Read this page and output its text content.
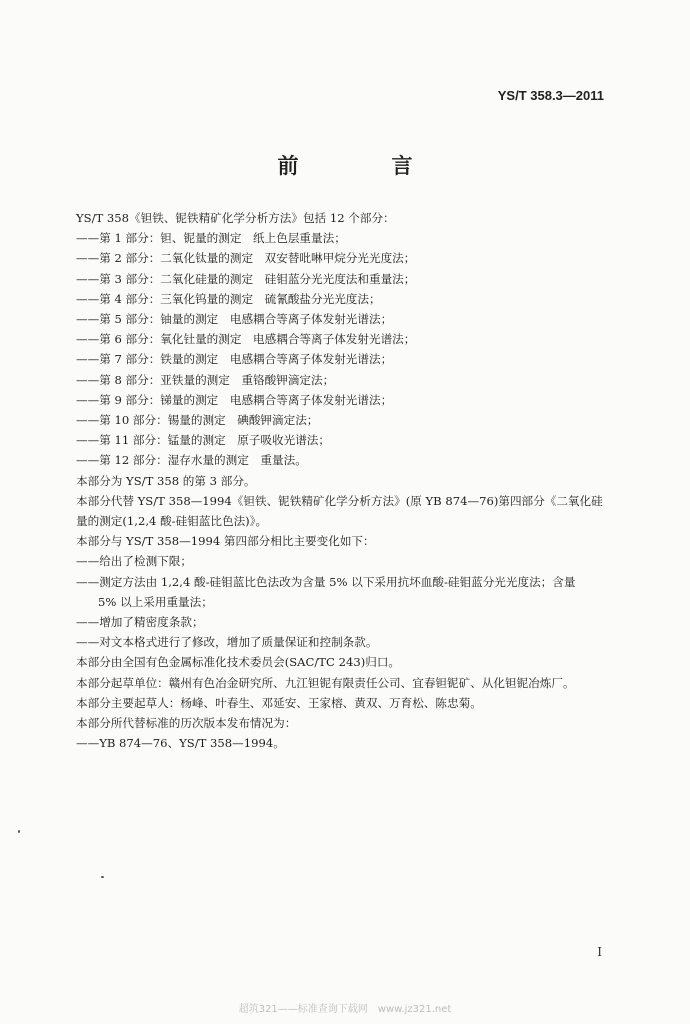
YS/T 358.3—2011
前　言
YS/T 358《钽铁、铌铁精矿化学分析方法》包括 12 个部分：
——第 1 部分：钽、铌量的测定　纸上色层重量法；
——第 2 部分：二氧化钛量的测定　双安替吡啉甲烷分光光度法；
——第 3 部分：二氧化硅量的测定　硅钼蓝分光光度法和重量法；
——第 4 部分：三氧化钨量的测定　硫氰酸盐分光光度法；
——第 5 部分：铀量的测定　电感耦合等离子体发射光谱法；
——第 6 部分：氧化钍量的测定　电感耦合等离子体发射光谱法；
——第 7 部分：铁量的测定　电感耦合等离子体发射光谱法；
——第 8 部分：亚铁量的测定　重铬酸钾滴定法；
——第 9 部分：锑量的测定　电感耦合等离子体发射光谱法；
——第 10 部分：锡量的测定　碘酸钾滴定法；
——第 11 部分：锰量的测定　原子吸收光谱法；
——第 12 部分：湿存水量的测定　重量法。
本部分为 YS/T 358 的第 3 部分。
本部分代替 YS/T 358—1994《钽铁、铌铁精矿化学分析方法》(原 YB 874—76)第四部分《二氧化硅量的测定(1,2,4 酸-硅钼蓝比色法)》。
本部分与 YS/T 358—1994 第四部分相比主要变化如下：
——给出了检测下限；
——测定方法由 1,2,4 酸-硅钼蓝比色法改为含量 5% 以下采用抗坏血酸-硅钼蓝分光光度法；含量
5% 以上采用重量法；
——增加了精密度条款；
——对文本格式进行了修改，增加了质量保证和控制条款。
本部分由全国有色金属标准化技术委员会(SAC/TC 243)归口。
本部分起草单位：赣州有色冶金研究所、九江钽铌有限责任公司、宜春钽铌矿、从化钽铌冶炼厂。
本部分主要起草人：杨峰、叶春生、邓延安、王家榕、黄双、万育松、陈忠菊。
本部分所代替标准的历次版本发布情况为：
——YB 874—76、YS/T 358—1994。
I
超筑321——标准查询下载网　www.jz321.net
